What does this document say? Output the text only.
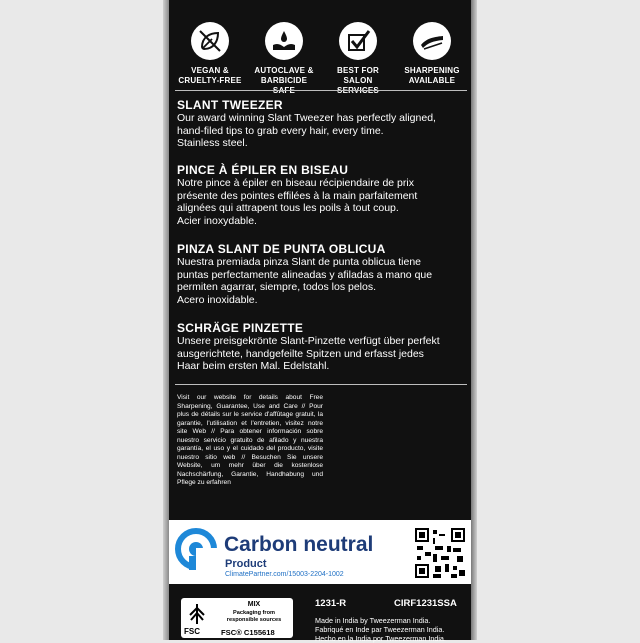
VEGAN &
CRUELTY-FREE
AUTOCLAVE &
BARBICIDE
BEST FOR
SALON
SHARPENING
AVAILABLE
SLANT TWEEZER

Our award winning Slant Tweezer has perfectly aligned,

hand-filed tips to grab every hair, every time.

Stainless steel.

PINCE À ÉPILER EN BISEAU

Notre pince à épiler en biseau récipiendaire de prix

présente des pointes effilées à la main parfaitement

alignées qui attrapent tous les poils à tout coup.

Acier inoxydable.

PINZA SLANT DE PUNTA OBLICUA

Nuestra premiada pinza Slant de punta oblicua tiene

puntas perfectamente alineadas y afiladas a mano que

permiten agarrar, siempre, todos los pelos.

Acero inoxidable.

SCHRÄGE PINZETTE

Unsere preisgekrönte Slant-Pinzette verfügt über perfekt

ausgerichtete, handgefeilte Spitzen und erfasst jedes

Haar beim ersten Mal. Edelstahl.

Visit our website for details about Free Sharpening, Guarantee, Use and Care // Pour plus de détails sur le service d'affûtage gratuit, la garantie, l'utilisation et l'entretien, visitez notre site Web // Para obtener información sobre nuestro servicio gratuito de afilado y nuestra garantía, el uso y el cuidado del producto, visite nuestro sitio web // Besuchen Sie unsere Website, um mehr über die kostenlose Nachschärfung, Garantie, Handhabung und Pflege zu erfahren
Carbon neutral
Product
ClimatePartner.com/15003-2204-1002
FSC
MIX
Packaging from
responsible sources
FSC® C155618
1231-R	CIRF1231SSA
Made in India by Tweezerman India.
Fabriqué en Inde par Tweezerman India.
Hecho en la India por Tweezerman India.
